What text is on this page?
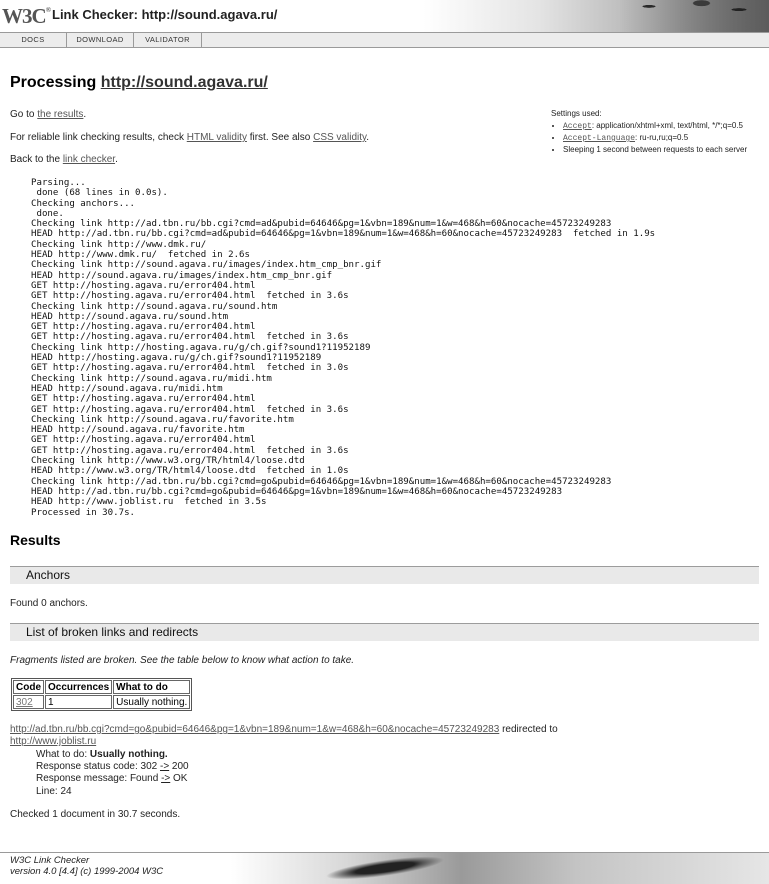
W3C ® Link Checker: http://sound.agava.ru/
DOCS	DOWNLOAD	VALIDATOR
Processing http://sound.agava.ru/

Go to the results.

For reliable link checking results, check HTML validity first. See also CSS validity.

Back to the link checker.

Settings used:
• Accept: application/xhtml+xml, text/html, */*;q=0.5
• Accept-Language: ru-ru,ru;q=0.5
• Sleeping 1 second between requests to each server
Parsing...
done (68 lines in 0.0s).
Checking anchors...
done.
Checking link http://ad.tbn.ru/bb.cgi?cmd=ad&pubid=64646&pg=1&vbn=189&num=1&w=468&h=60&nocache=45723249283
HEAD http://ad.tbn.ru/bb.cgi?cmd=ad&pubid=64646&pg=1&vbn=189&num=1&w=468&h=60&nocache=45723249283  fetched in 1.9s
Checking link http://www.dmk.ru/
HEAD http://www.dmk.ru/  fetched in 2.6s
Checking link http://sound.agava.ru/images/index.htm_cmp_bnr.gif
HEAD http://sound.agava.ru/images/index.htm_cmp_bnr.gif
GET http://hosting.agava.ru/error404.html
GET http://hosting.agava.ru/error404.html  fetched in 3.6s
Checking link http://sound.agava.ru/sound.htm
HEAD http://sound.agava.ru/sound.htm
GET http://hosting.agava.ru/error404.html
GET http://hosting.agava.ru/error404.html  fetched in 3.6s
Checking link http://hosting.agava.ru/g/ch.gif?sound1?11952189
HEAD http://hosting.agava.ru/g/ch.gif?sound1?11952189
GET http://hosting.agava.ru/error404.html  fetched in 3.0s
Checking link http://sound.agava.ru/midi.htm
HEAD http://sound.agava.ru/midi.htm
GET http://hosting.agava.ru/error404.html
GET http://hosting.agava.ru/error404.html  fetched in 3.6s
Checking link http://sound.agava.ru/favorite.htm
HEAD http://sound.agava.ru/favorite.htm
GET http://hosting.agava.ru/error404.html
GET http://hosting.agava.ru/error404.html  fetched in 3.6s
Checking link http://www.w3.org/TR/html4/loose.dtd
HEAD http://www.w3.org/TR/html4/loose.dtd  fetched in 1.0s
Checking link http://ad.tbn.ru/bb.cgi?cmd=go&pubid=64646&pg=1&vbn=189&num=1&w=468&h=60&nocache=45723249283
HEAD http://ad.tbn.ru/bb.cgi?cmd=go&pubid=64646&pg=1&vbn=189&num=1&w=468&h=60&nocache=45723249283
HEAD http://www.joblist.ru  fetched in 3.5s
Processed in 30.7s.
Results
Anchors
Found 0 anchors.
List of broken links and redirects
Fragments listed are broken. See the table below to know what action to take.
Code	Occurrences	What to do
302	1	Usually nothing.
http://ad.tbn.ru/bb.cgi?cmd=go&pubid=64646&pg=1&vbn=189&num=1&w=468&h=60&nocache=45723249283 redirected to
http://www.joblist.ru
What to do: Usually nothing.
Response status code: 302 -> 200
Response message: Found -> OK
Line: 24
Checked 1 document in 30.7 seconds.
W3C Link Checker
version 4.0 [4.4] (c) 1999-2004 W3C
